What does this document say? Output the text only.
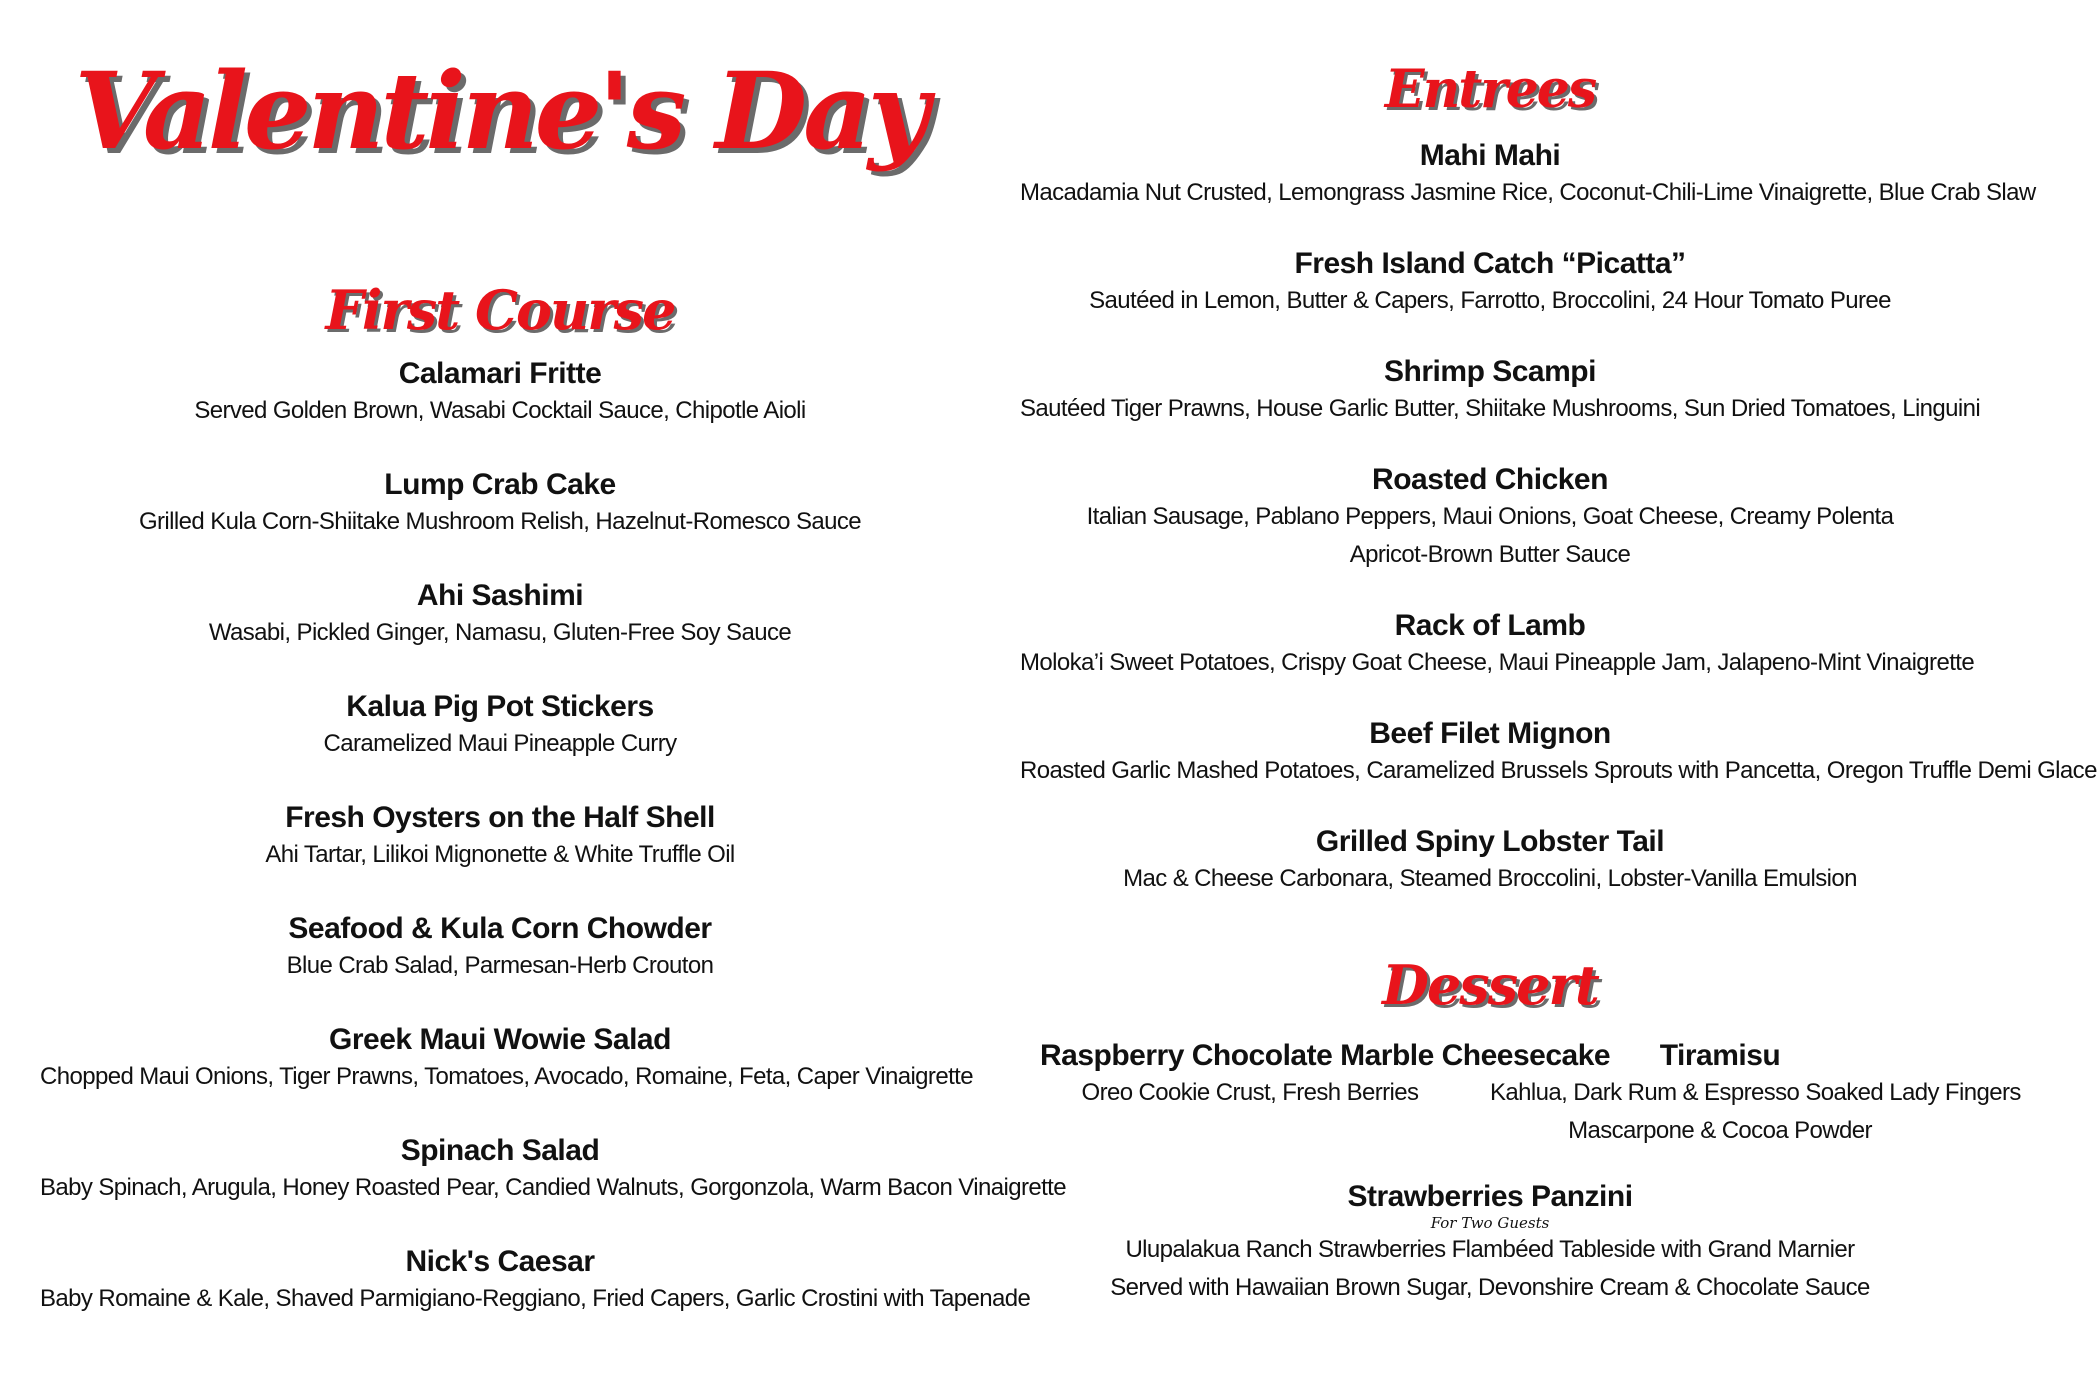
Valentine's Day
First Course
Calamari Fritte
Served Golden Brown, Wasabi Cocktail Sauce, Chipotle Aioli
Lump Crab Cake
Grilled Kula Corn-Shiitake Mushroom Relish, Hazelnut-Romesco Sauce
Ahi Sashimi
Wasabi, Pickled Ginger, Namasu, Gluten-Free Soy Sauce
Kalua Pig Pot Stickers
Caramelized Maui Pineapple Curry
Fresh Oysters on the Half Shell
Ahi Tartar, Lilikoi Mignonette & White Truffle Oil
Seafood & Kula Corn Chowder
Blue Crab Salad, Parmesan-Herb Crouton
Greek Maui Wowie Salad
Chopped Maui Onions, Tiger Prawns, Tomatoes, Avocado, Romaine, Feta, Caper Vinaigrette
Spinach Salad
Baby Spinach, Arugula, Honey Roasted Pear, Candied Walnuts, Gorgonzola, Warm Bacon Vinaigrette
Nick's Caesar
Baby Romaine & Kale, Shaved Parmigiano-Reggiano, Fried Capers, Garlic Crostini with Tapenade
Entrees
Mahi Mahi
Macadamia Nut Crusted, Lemongrass Jasmine Rice, Coconut-Chili-Lime Vinaigrette, Blue Crab Slaw
Fresh Island Catch “Picatta”
Sautéed in Lemon, Butter & Capers, Farrotto, Broccolini, 24 Hour Tomato Puree
Shrimp Scampi
Sautéed Tiger Prawns, House Garlic Butter, Shiitake Mushrooms, Sun Dried Tomatoes, Linguini
Roasted Chicken
Italian Sausage, Pablano Peppers, Maui Onions, Goat Cheese, Creamy Polenta
Apricot-Brown Butter Sauce
Rack of Lamb
Moloka’i Sweet Potatoes, Crispy Goat Cheese, Maui Pineapple Jam, Jalapeno-Mint Vinaigrette
Beef Filet Mignon
Roasted Garlic Mashed Potatoes, Caramelized Brussels Sprouts with Pancetta, Oregon Truffle Demi Glace
Grilled Spiny Lobster Tail
Mac & Cheese Carbonara, Steamed Broccolini, Lobster-Vanilla Emulsion
Dessert
Raspberry Chocolate Marble Cheesecake
Oreo Cookie Crust, Fresh Berries
Tiramisu
Kahlua, Dark Rum & Espresso Soaked Lady Fingers
Mascarpone & Cocoa Powder
Strawberries Panzini
For Two Guests
Ulupalakua Ranch Strawberries Flambéed Tableside with Grand Marnier
Served with Hawaiian Brown Sugar, Devonshire Cream & Chocolate Sauce
